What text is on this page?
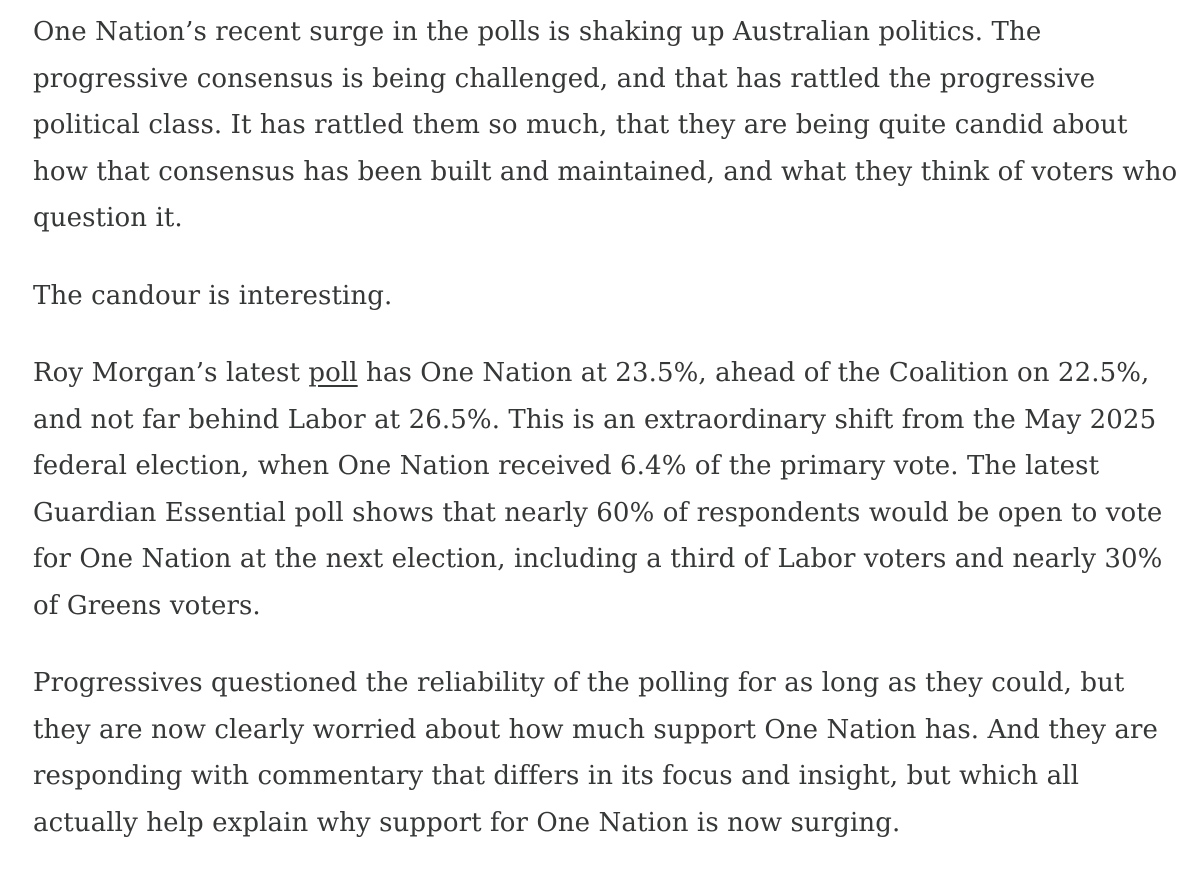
One Nation’s recent surge in the polls is shaking up Australian politics. The progressive consensus is being challenged, and that has rattled the progressive political class. It has rattled them so much, that they are being quite candid about how that consensus has been built and maintained, and what they think of voters who question it.
The candour is interesting.
Roy Morgan’s latest poll has One Nation at 23.5%, ahead of the Coalition on 22.5%, and not far behind Labor at 26.5%. This is an extraordinary shift from the May 2025 federal election, when One Nation received 6.4% of the primary vote. The latest Guardian Essential poll shows that nearly 60% of respondents would be open to vote for One Nation at the next election, including a third of Labor voters and nearly 30% of Greens voters.
Progressives questioned the reliability of the polling for as long as they could, but they are now clearly worried about how much support One Nation has. And they are responding with commentary that differs in its focus and insight, but which all actually help explain why support for One Nation is now surging.
